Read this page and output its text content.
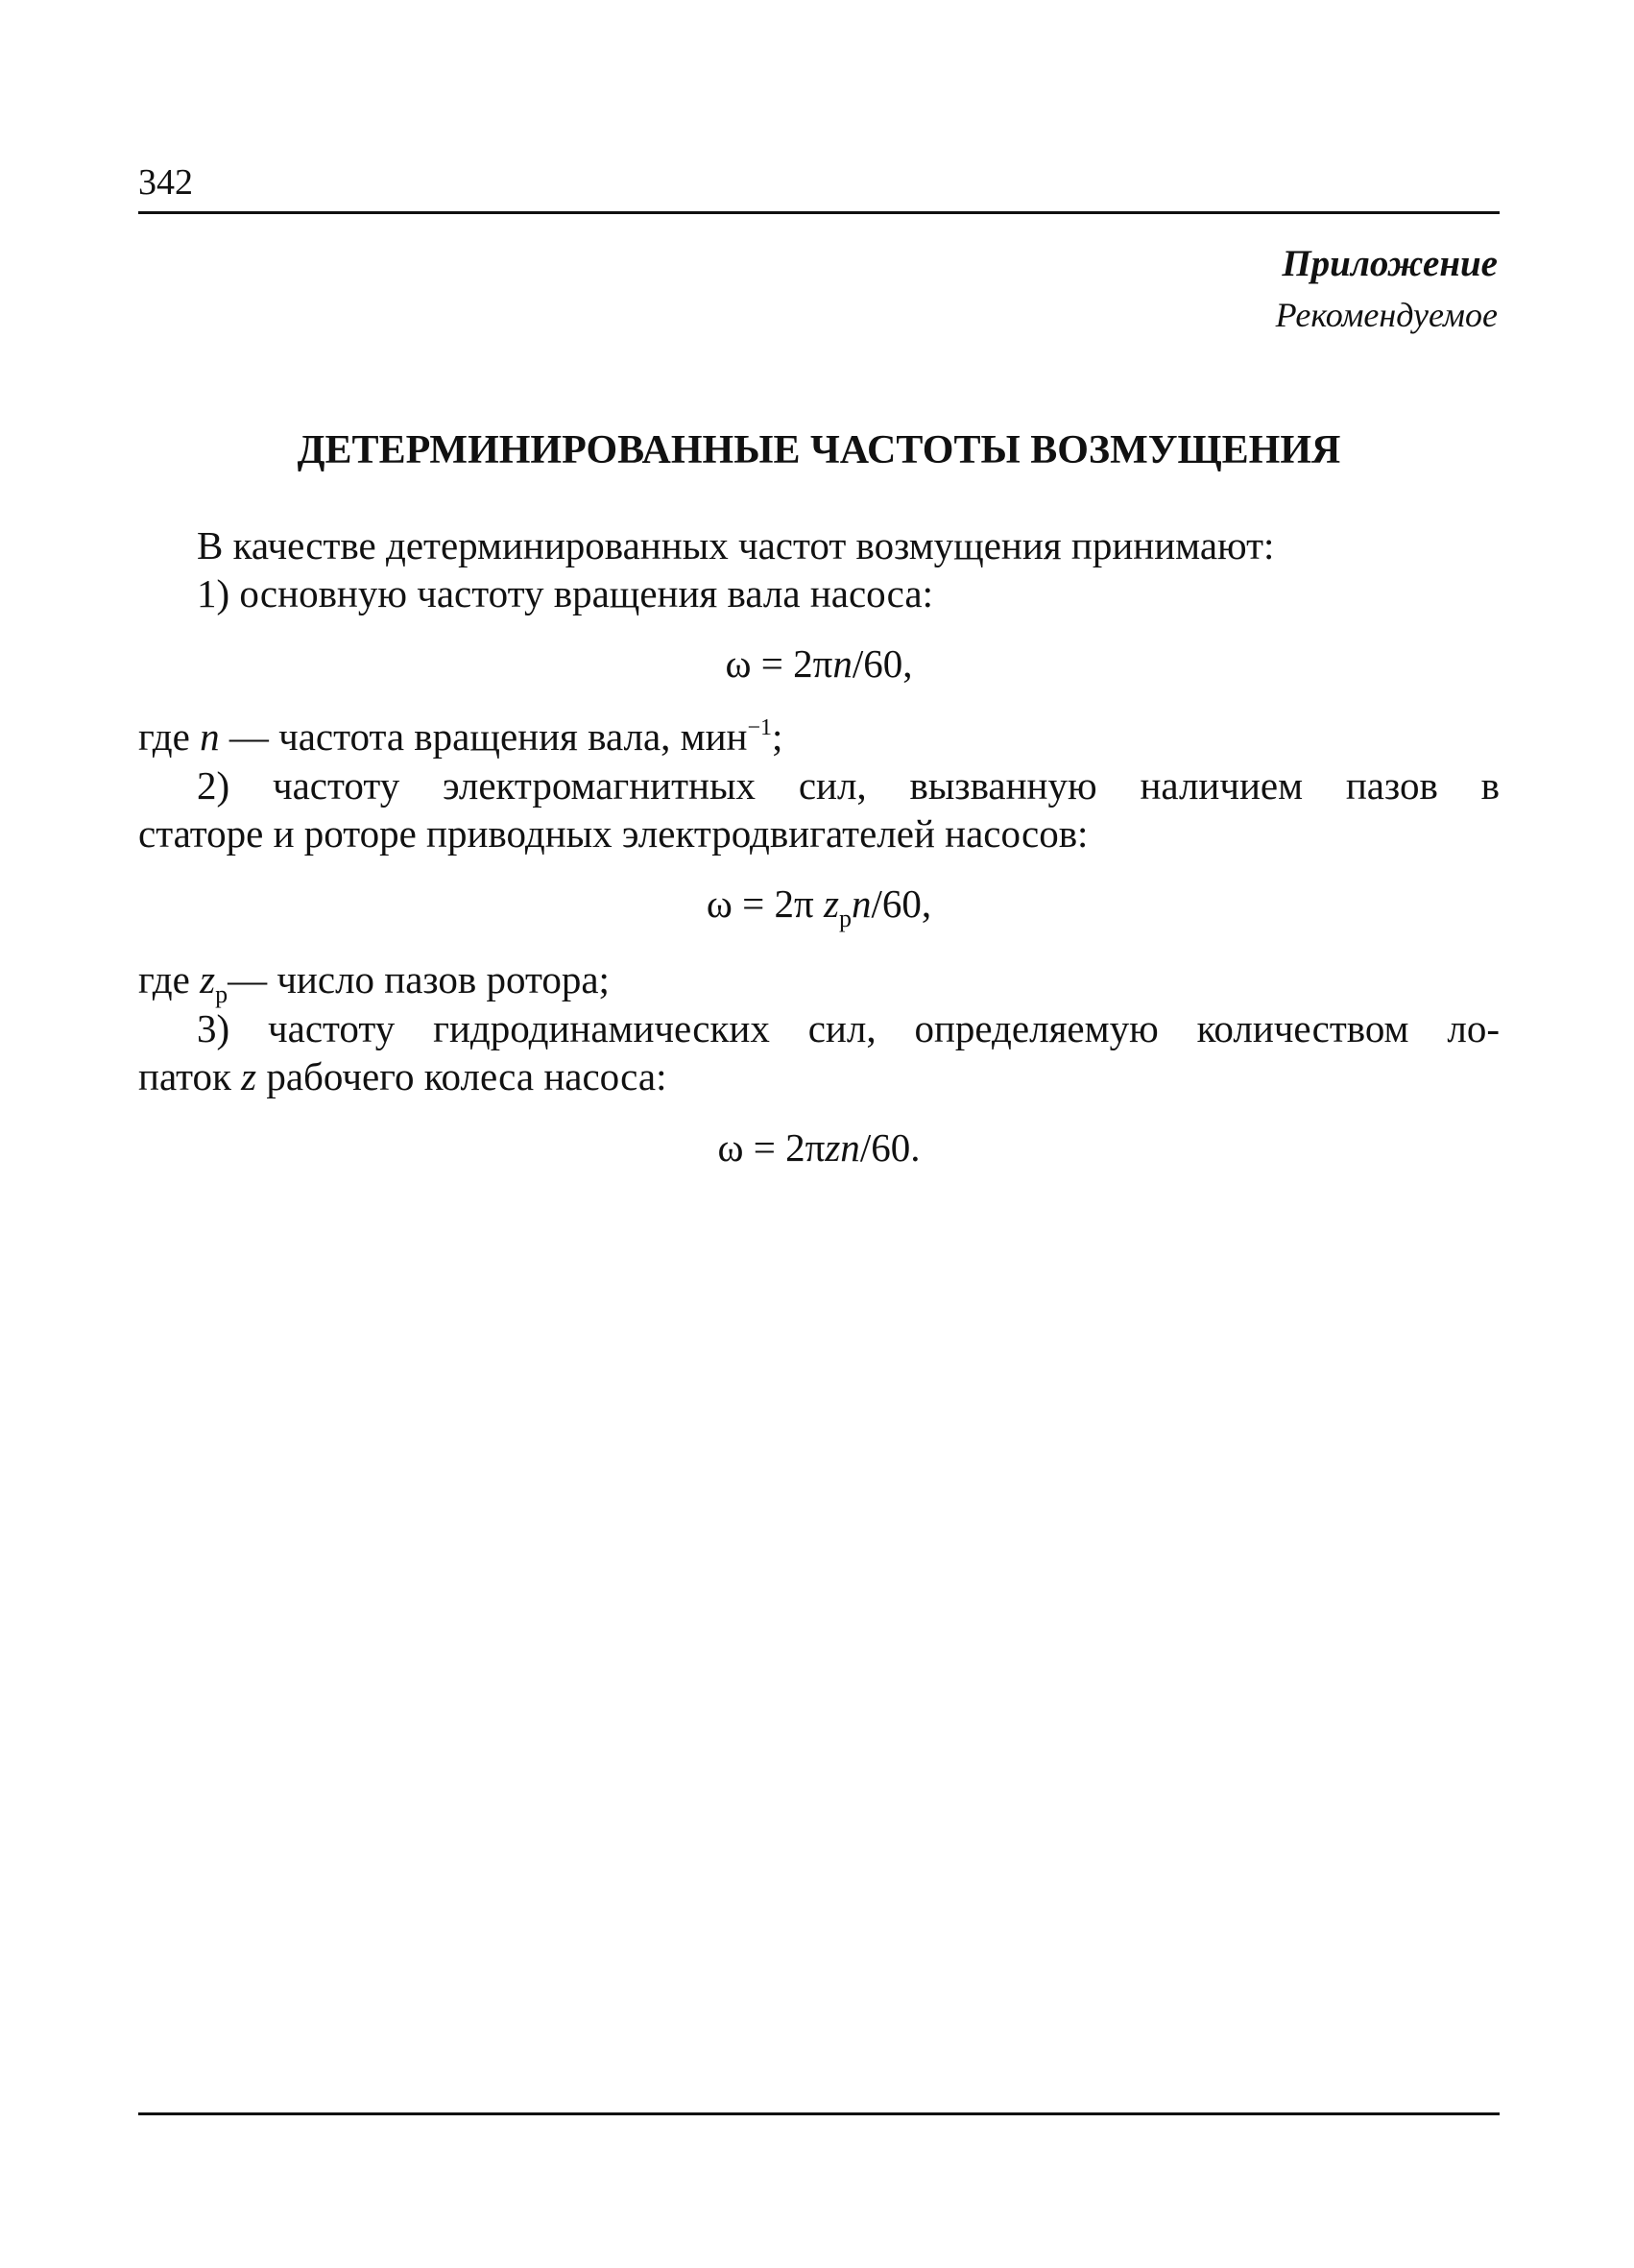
342
Приложение
Рекомендуемое
ДЕТЕРМИНИРОВАННЫЕ ЧАСТОТЫ ВОЗМУЩЕНИЯ
В качестве детерминированных частот возмущения принимают:
1) основную частоту вращения вала насоса:
ω = 2πn/60,
где n — частота вращения вала, мин$^{-1}$;
2) частоту электромагнитных сил, вызванную наличием пазов в
статоре и роторе приводных электродвигателей насосов:
ω = 2π $z_рn/60$,
где $z_р—$ число пазов ротора;
3) частоту гидродинамических сил, определяемую количеством ло-
паток z рабочего колеса насоса:
ω = 2πzn/60.
